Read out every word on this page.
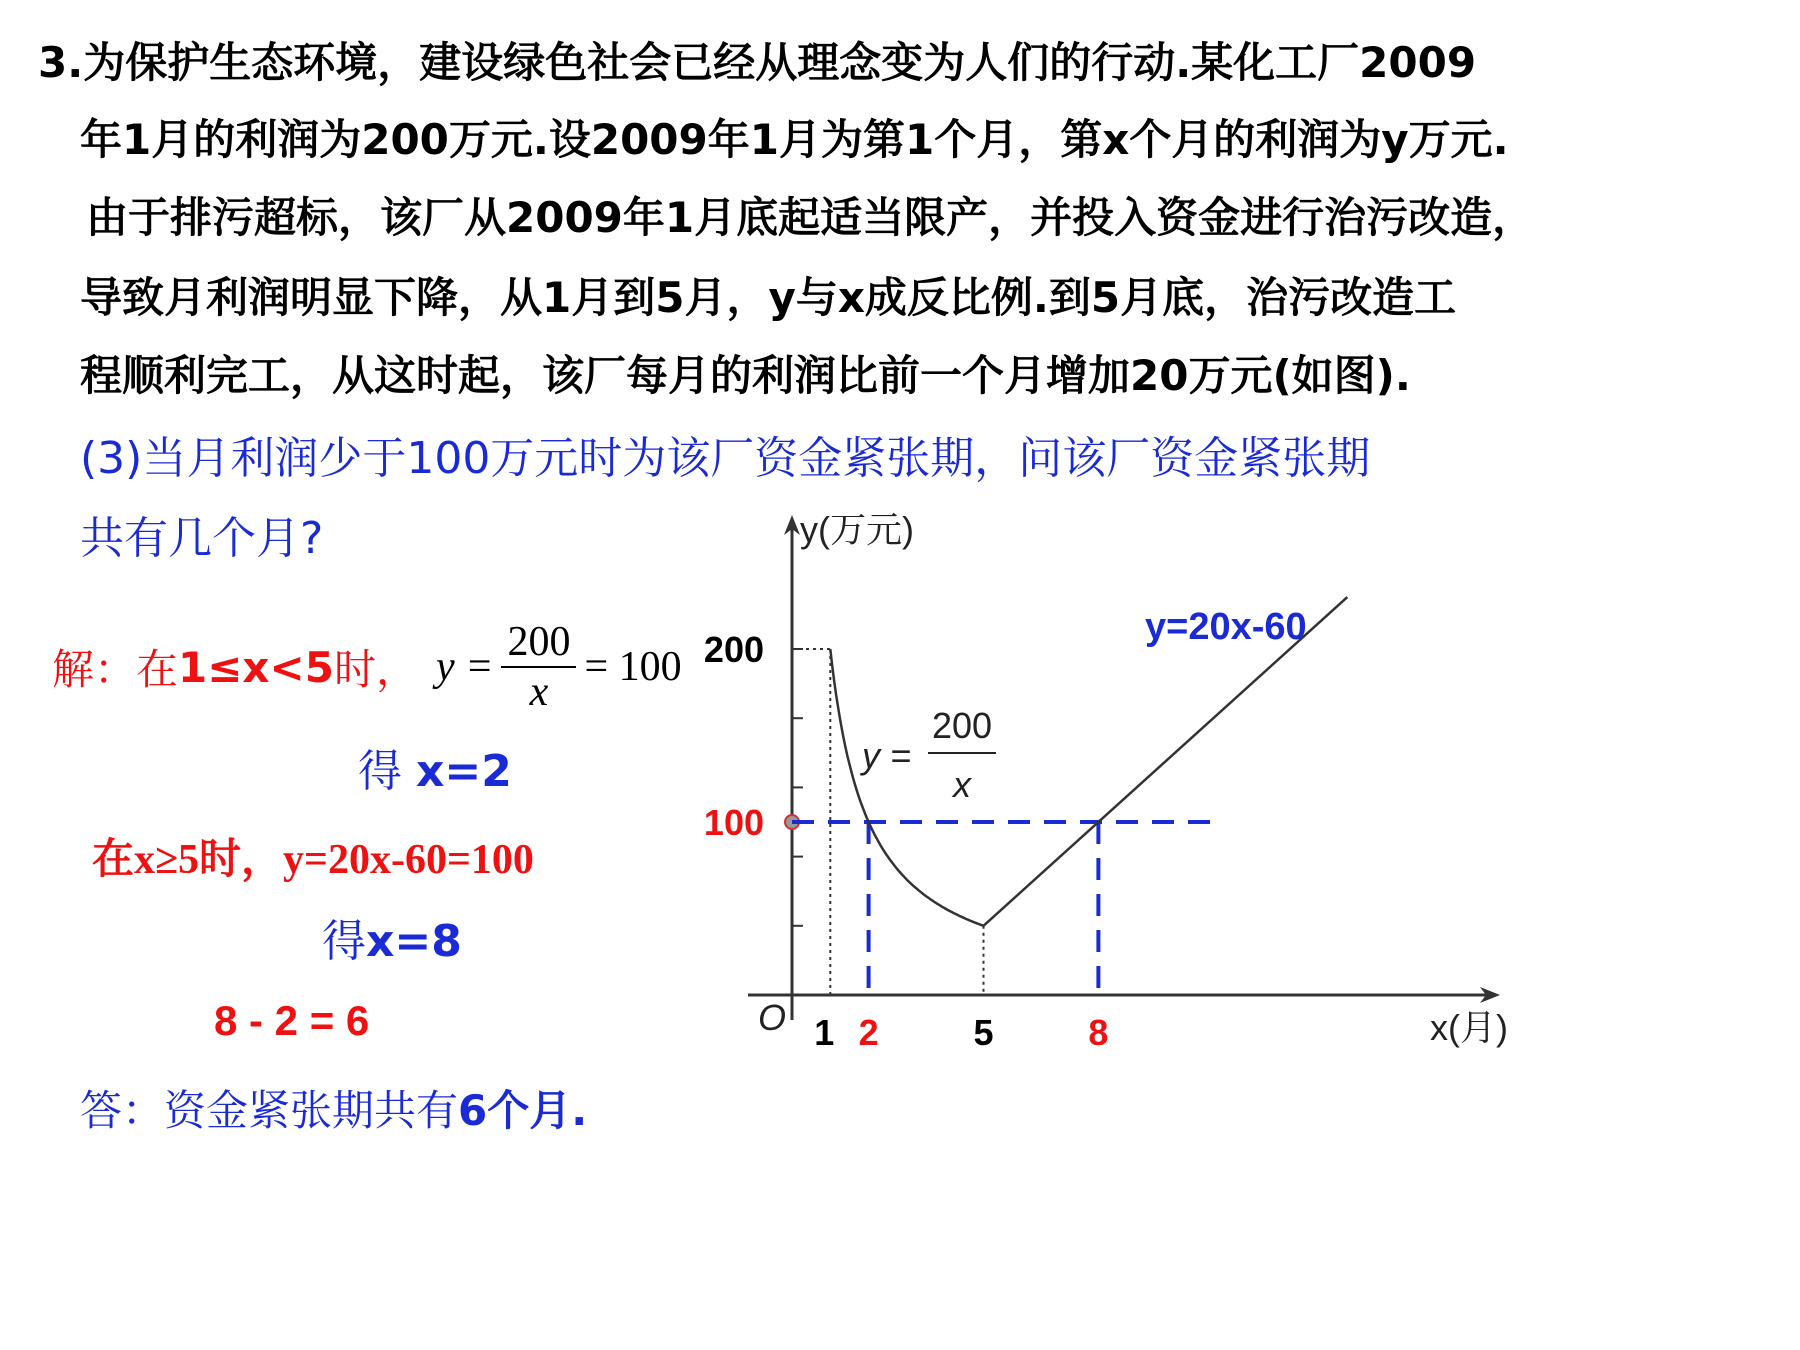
3.为保护生态环境，建设绿色社会已经从理念变为人们的行动.某化工厂2009
年1月的利润为200万元.设2009年1月为第1个月，第x个月的利润为y万元.
由于排污超标，该厂从2009年1月底起适当限产，并投入资金进行治污改造，
导致月利润明显下降，从1月到5月，y与x成反比例.到5月底，治污改造工
程顺利完工，从这时起，该厂每月的利润比前一个月增加20万元(如图).
(3)当月利润少于100万元时为该厂资金紧张期，问该厂资金紧张期
共有几个月?
解：在 1≤x<5 时， $y = \frac{200}{x} = 100$
得 x=2
在x≥5时，y=20x-60=100
得x=8
8 - 2 = 6
答：资金紧张期共有6个月.
y(万元)
x(月)
O
200
100
1 2	5	8
y =
200
x
y=20x-60
